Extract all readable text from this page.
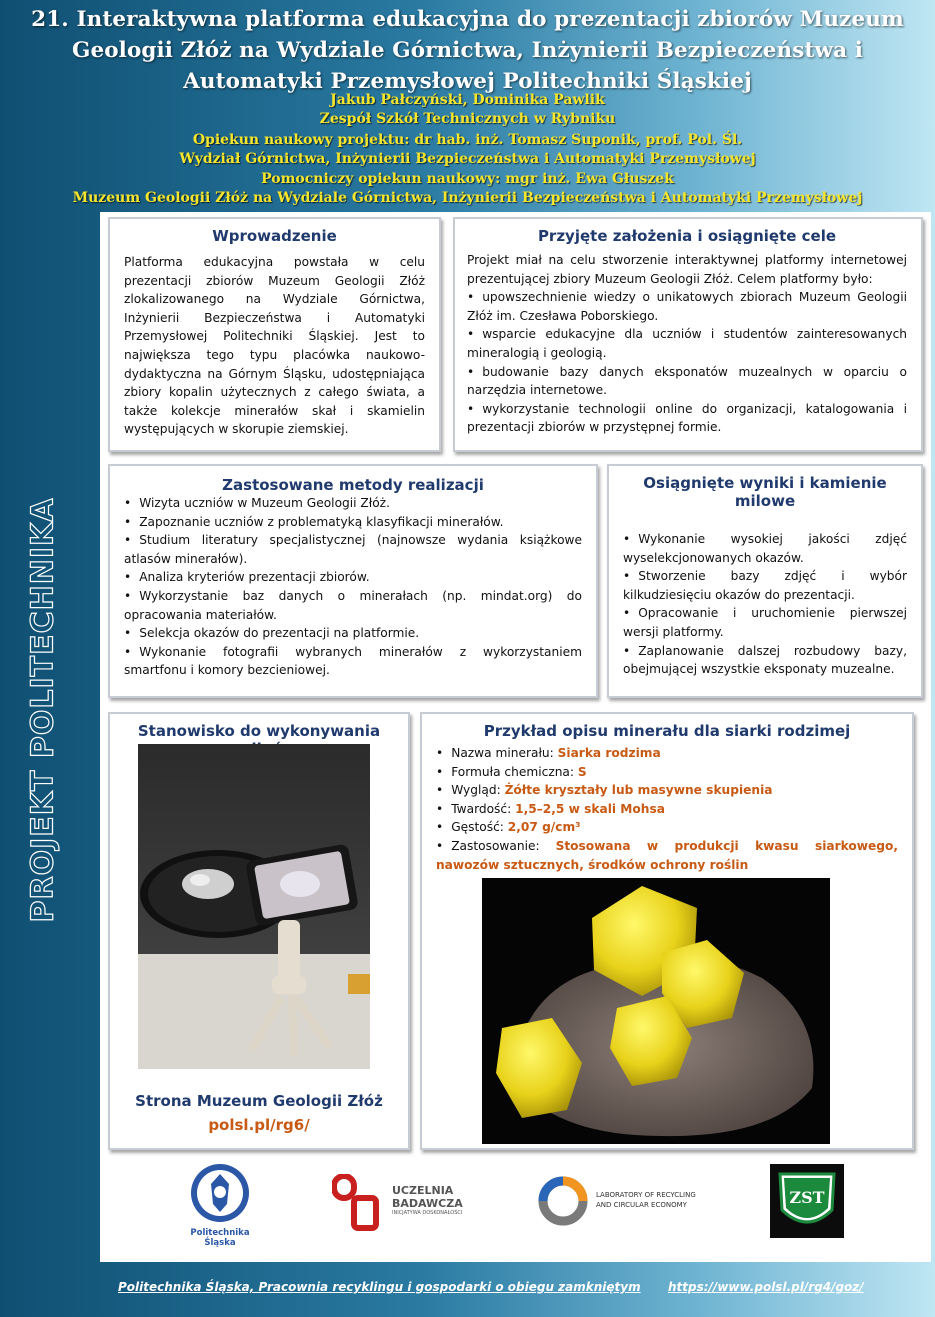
21. Interaktywna platforma edukacyjna do prezentacji zbiorów Muzeum
Geologii Złóż na Wydziale Górnictwa, Inżynierii Bezpieczeństwa i
Automatyki Przemysłowej Politechniki Śląskiej
Jakub Pałczyński, Dominika Pawlik
Zespół Szkół Technicznych w Rybniku
Opiekun naukowy projektu: dr hab. inż. Tomasz Suponik, prof. Pol. Śl.
Wydział Górnictwa, Inżynierii Bezpieczeństwa i Automatyki Przemysłowej
Pomocniczy opiekun naukowy: mgr inż. Ewa Głuszek
Muzeum Geologii Złóż na Wydziale Górnictwa, Inżynierii Bezpieczeństwa i Automatyki Przemysłowej
PROJEKT POLITECHNIKA
Wprowadzenie
Platforma edukacyjna powstała w celu prezentacji zbiorów Muzeum Geologii Złóż zlokalizowanego na Wydziale Górnictwa, Inżynierii Bezpieczeństwa i Automatyki Przemysłowej Politechniki Śląskiej. Jest to największa tego typu placówka naukowo-dydaktyczna na Górnym Śląsku, udostępniająca zbiory kopalin użytecznych z całego świata, a także kolekcje minerałów skał i skamielin występujących w skorupie ziemskiej.
Przyjęte założenia i osiągnięte cele
Projekt miał na celu stworzenie interaktywnej platformy internetowej prezentującej zbiory Muzeum Geologii Złóż. Celem platformy było:
• upowszechnienie wiedzy o unikatowych zbiorach Muzeum Geologii Złóż im. Czesława Poborskiego.
• wsparcie edukacyjne dla uczniów i studentów zainteresowanych mineralogią i geologią.
• budowanie bazy danych eksponatów muzealnych w oparciu o narzędzia internetowe.
• wykorzystanie technologii online do organizacji, katalogowania i prezentacji zbiorów w przystępnej formie.
Zastosowane metody realizacji
• Wizyta uczniów w Muzeum Geologii Złóż.
• Zapoznanie uczniów z problematyką klasyfikacji minerałów.
• Studium literatury specjalistycznej (najnowsze wydania książkowe atlasów minerałów).
• Analiza kryteriów prezentacji zbiorów.
• Wykorzystanie baz danych o minerałach (np. mindat.org) do opracowania materiałów.
• Selekcja okazów do prezentacji na platformie.
• Wykonanie fotografii wybranych minerałów z wykorzystaniem smartfonu i komory bezcieniowej.
Osiągnięte wyniki i kamienie milowe
• Wykonanie wysokiej jakości zdjęć wyselekcjonowanych okazów.
• Stworzenie bazy zdjęć i wybór kilkudziesięciu okazów do prezentacji.
• Opracowanie i uruchomienie pierwszej wersji platformy.
• Zaplanowanie dalszej rozbudowy bazy, obejmującej wszystkie eksponaty muzealne.
Stanowisko do wykonywania
Strona Muzeum Geologii Złóż
polsl.pl/rg6/
Przykład opisu minerału dla siarki rodzimej
• Nazwa minerału: Siarka rodzima
• Formuła chemiczna: S
• Wygląd: Żółte kryształy lub masywne skupienia
• Twardość: 1,5–2,5 w skali Mohsa
• Gęstość: 2,07 g/cm³
• Zastosowanie: Stosowana w produkcji kwasu siarkowego, nawozów sztucznych, środków ochrony roślin
Politechnika Śląska
UCZELNIA
BADAWCZA
INICJATYWA DOSKONAŁOŚCI
LABORATORY OF RECYCLING
AND CIRCULAR ECONOMY	ZST
Politechnika Śląska, Pracownia recyklingu i gospodarki o obiegu zamkniętym https://www.polsl.pl/rg4/goz/
